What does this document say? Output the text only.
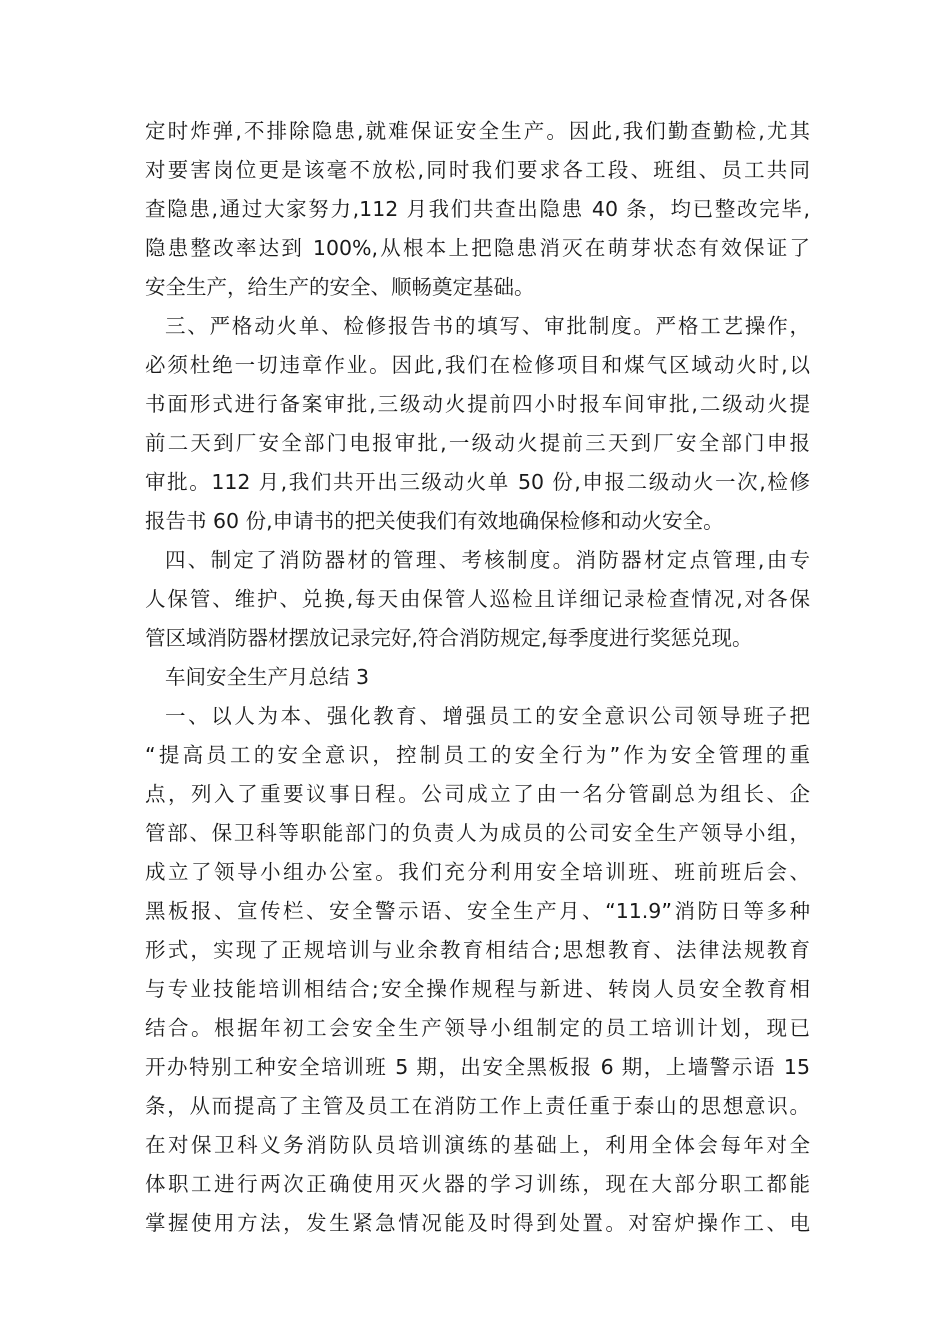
定时炸弹,不排除隐患,就难保证安全生产。因此,我们勤查勤检,尤其
对要害岗位更是该毫不放松,同时我们要求各工段、班组、员工共同
查隐患,通过大家努力,112 月我们共查出隐患 40 条，均已整改完毕,
隐患整改率达到 100%,从根本上把隐患消灭在萌芽状态有效保证了
安全生产，给生产的安全、顺畅奠定基础。
三、严格动火单、检修报告书的填写、审批制度。严格工艺操作，
必须杜绝一切违章作业。因此,我们在检修项目和煤气区域动火时,以
书面形式进行备案审批,三级动火提前四小时报车间审批,二级动火提
前二天到厂安全部门电报审批,一级动火提前三天到厂安全部门申报
审批。112 月,我们共开出三级动火单 50 份,申报二级动火一次,检修
报告书 60 份,申请书的把关使我们有效地确保检修和动火安全。
四、制定了消防器材的管理、考核制度。消防器材定点管理,由专
人保管、维护、兑换,每天由保管人巡检且详细记录检查情况,对各保
管区域消防器材摆放记录完好,符合消防规定,每季度进行奖惩兑现。
车间安全生产月总结 3
一、以人为本、强化教育、增强员工的安全意识公司领导班子把
“提高员工的安全意识，控制员工的安全行为”作为安全管理的重
点，列入了重要议事日程。公司成立了由一名分管副总为组长、企
管部、保卫科等职能部门的负责人为成员的公司安全生产领导小组，
成立了领导小组办公室。我们充分利用安全培训班、班前班后会、
黑板报、宣传栏、安全警示语、安全生产月、“11.9”消防日等多种
形式，实现了正规培训与业余教育相结合;思想教育、法律法规教育
与专业技能培训相结合;安全操作规程与新进、转岗人员安全教育相
结合。根据年初工会安全生产领导小组制定的员工培训计划，现已
开办特别工种安全培训班 5 期，出安全黑板报 6 期，上墙警示语 15
条，从而提高了主管及员工在消防工作上责任重于泰山的思想意识。
在对保卫科义务消防队员培训演练的基础上，利用全体会每年对全
体职工进行两次正确使用灭火器的学习训练，现在大部分职工都能
掌握使用方法，发生紧急情况能及时得到处置。对窑炉操作工、电
